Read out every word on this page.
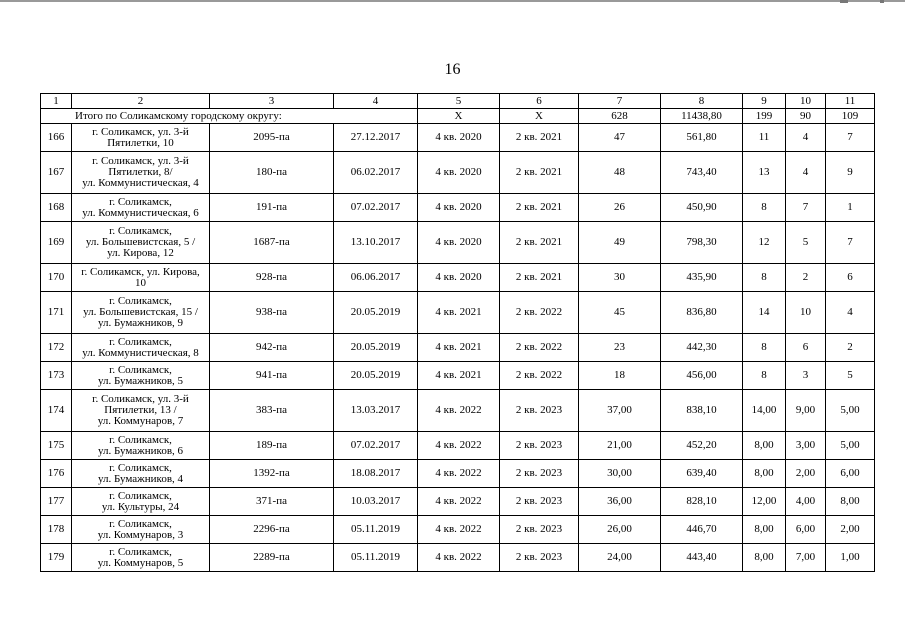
16
1	2	3	4	5	6	7	8	9	10	11
Итого по Соликамскому городскому округу:				X	X	628	11438,80	199	90	109
166	г. Соликамск, ул. 3-й
Пятилетки, 10	2095-па	27.12.2017	4 кв. 2020	2 кв. 2021	47	561,80	11	4	7
167	г. Соликамск, ул. 3-й
Пятилетки, 8/
ул. Коммунистическая, 4	180-па	06.02.2017	4 кв. 2020	2 кв. 2021	48	743,40	13	4	9
168	г. Соликамск,
ул. Коммунистическая, 6	191-па	07.02.2017	4 кв. 2020	2 кв. 2021	26	450,90	8	7	1
169	г. Соликамск,
ул. Большевистская, 5 /
ул. Кирова, 12	1687-па	13.10.2017	4 кв. 2020	2 кв. 2021	49	798,30	12	5	7
170	г. Соликамск, ул. Кирова,
10	928-па	06.06.2017	4 кв. 2020	2 кв. 2021	30	435,90	8	2	6
171	г. Соликамск,
ул. Большевистская, 15 /
ул. Бумажников, 9	938-па	20.05.2019	4 кв. 2021	2 кв. 2022	45	836,80	14	10	4
172	г. Соликамск,
ул. Коммунистическая, 8	942-па	20.05.2019	4 кв. 2021	2 кв. 2022	23	442,30	8	6	2
173	г. Соликамск,
ул. Бумажников, 5	941-па	20.05.2019	4 кв. 2021	2 кв. 2022	18	456,00	8	3	5
174	г. Соликамск, ул. 3-й
Пятилетки, 13 /
ул. Коммунаров, 7	383-па	13.03.2017	4 кв. 2022	2 кв. 2023	37,00	838,10	14,00	9,00	5,00
175	г. Соликамск,
ул. Бумажников, 6	189-па	07.02.2017	4 кв. 2022	2 кв. 2023	21,00	452,20	8,00	3,00	5,00
176	г. Соликамск,
ул. Бумажников, 4	1392-па	18.08.2017	4 кв. 2022	2 кв. 2023	30,00	639,40	8,00	2,00	6,00
177	г. Соликамск,
ул. Культуры, 24	371-па	10.03.2017	4 кв. 2022	2 кв. 2023	36,00	828,10	12,00	4,00	8,00
178	г. Соликамск,
ул. Коммунаров, 3	2296-па	05.11.2019	4 кв. 2022	2 кв. 2023	26,00	446,70	8,00	6,00	2,00
179	г. Соликамск,
ул. Коммунаров, 5	2289-па	05.11.2019	4 кв. 2022	2 кв. 2023	24,00	443,40	8,00	7,00	1,00
